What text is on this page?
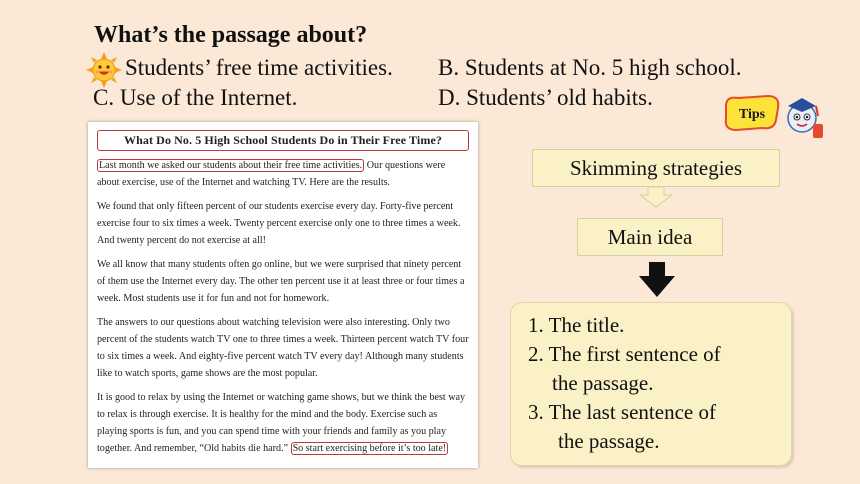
What’s the passage about?
Students’ free time activities. B. Students at No. 5 high school.
C. Use of the Internet.	D. Students’ old habits.
What Do No. 5 High School Students Do in Their Free Time?

Last month we asked our students about their free time activities. Our questions were about exercise, use of the Internet and watching TV. Here are the results.

We found that only fifteen percent of our students exercise every day. Forty-five percent exercise four to six times a week. Twenty percent exercise only one to three times a week. And twenty percent do not exercise at all!

We all know that many students often go online, but we were surprised that ninety percent of them use the Internet every day. The other ten percent use it at least three or four times a week. Most students use it for fun and not for homework.

The answers to our questions about watching television were also interesting. Only two percent of the students watch TV one to three times a week. Thirteen percent watch TV four to six times a week. And eighty-five percent watch TV every day! Although many students like to watch sports, game shows are the most popular.

It is good to relax by using the Internet or watching game shows, but we think the best way to relax is through exercise. It is healthy for the mind and the body. Exercise such as playing sports is fun, and you can spend time with your friends and family as you play together. And remember, “Old habits die hard.” So start exercising before it’s too late!

Tips
Skimming strategies
Main idea
1. The title.
2. The first sentence of
the passage.
3. The last sentence of
the passage.
